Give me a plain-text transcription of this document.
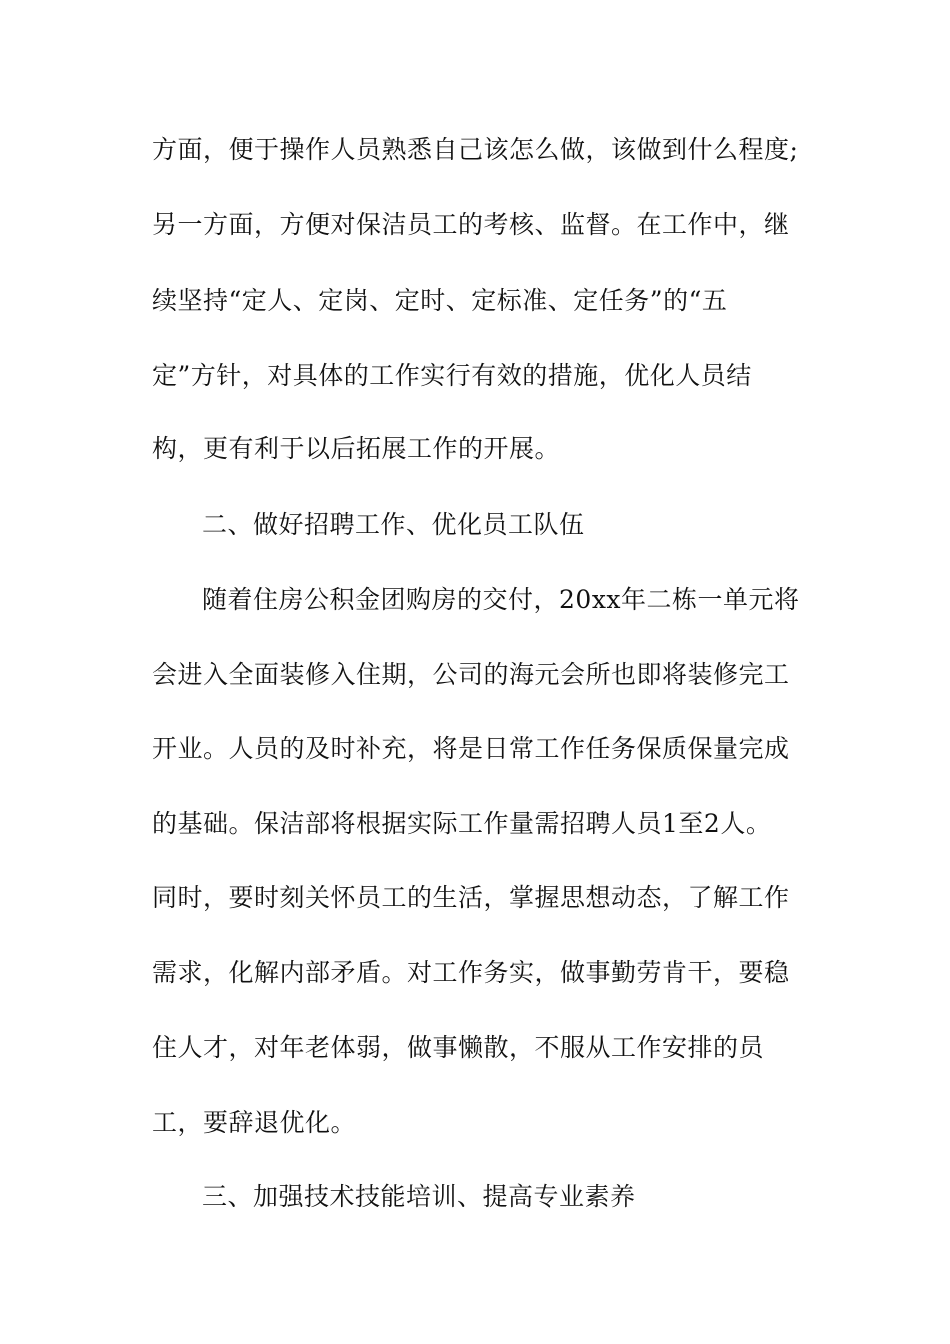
方面，便于操作人员熟悉自己该怎么做，该做到什么程度;
另一方面，方便对保洁员工的考核、监督。在工作中，继
续坚持“定人、定岗、定时、定标准、定任务”的“五
定”方针，对具体的工作实行有效的措施，优化人员结
构，更有利于以后拓展工作的开展。
二、做好招聘工作、优化员工队伍
随着住房公积金团购房的交付，20xx年二栋一单元将
会进入全面装修入住期，公司的海元会所也即将装修完工
开业。人员的及时补充，将是日常工作任务保质保量完成
的基础。保洁部将根据实际工作量需招聘人员1至2人。
同时，要时刻关怀员工的生活，掌握思想动态，了解工作
需求，化解内部矛盾。对工作务实，做事勤劳肯干，要稳
住人才，对年老体弱，做事懒散，不服从工作安排的员
工，要辞退优化。
三、加强技术技能培训、提高专业素养
